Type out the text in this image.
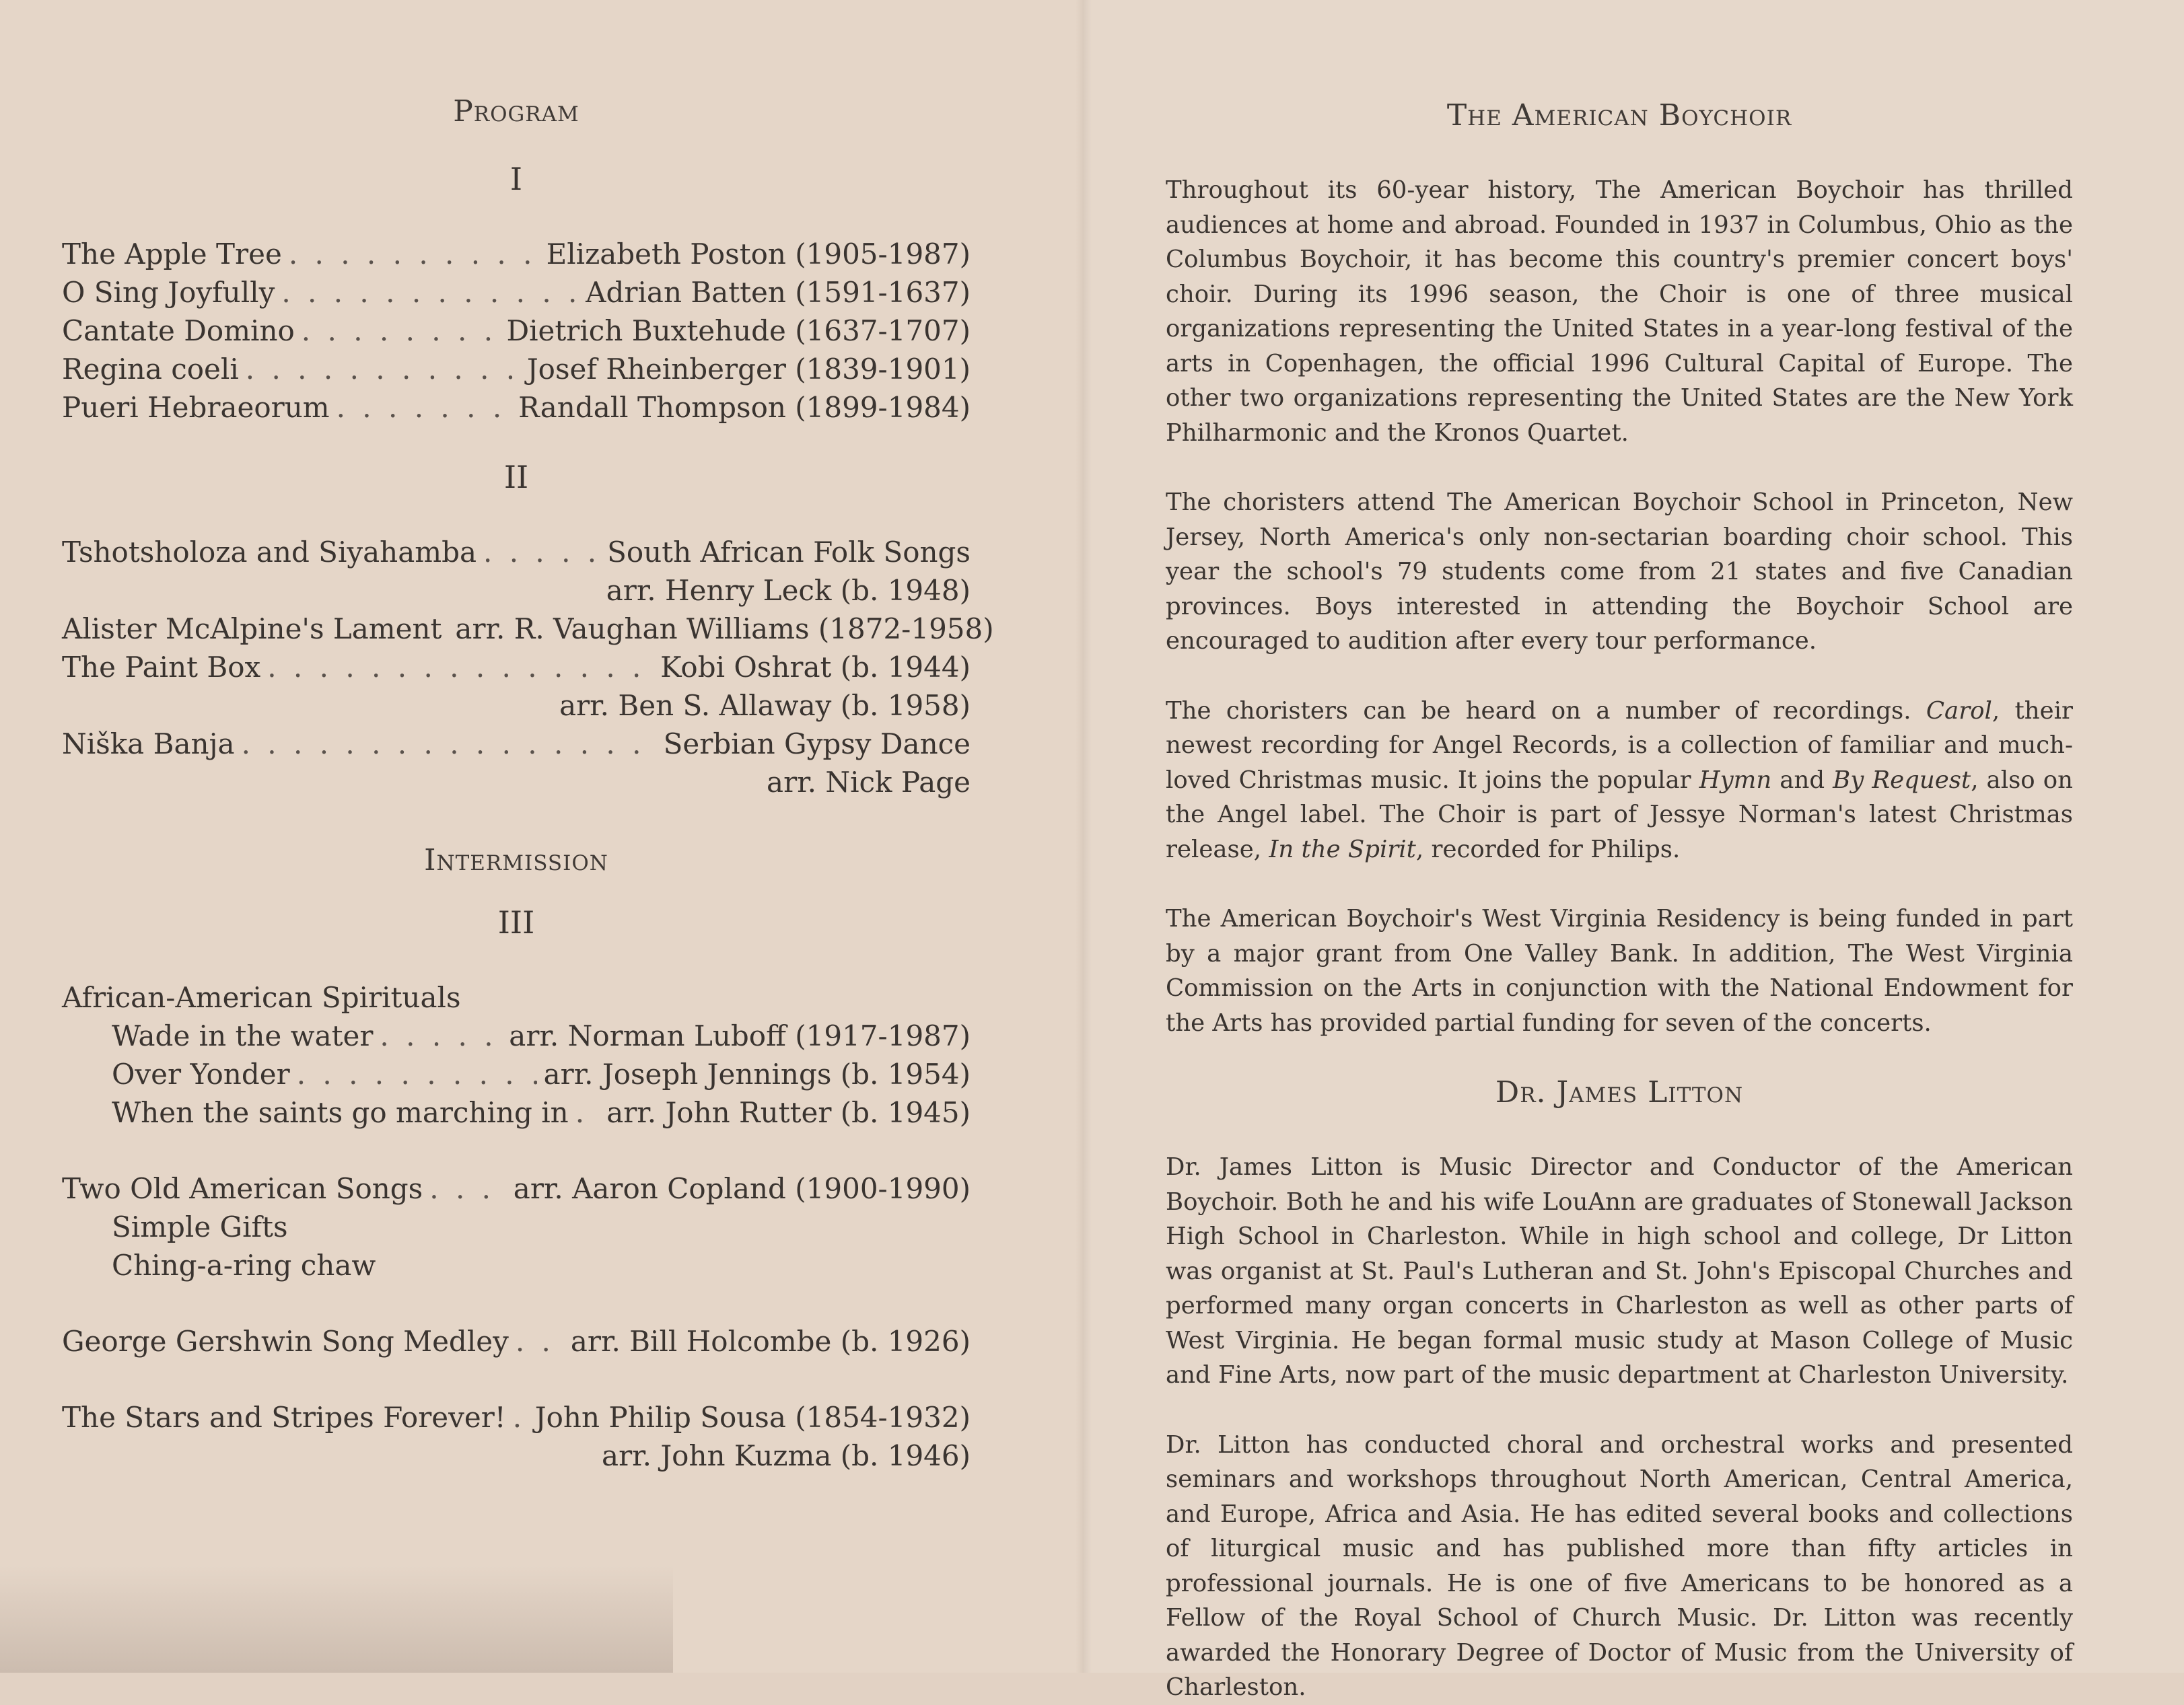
Program
I
The Apple Tree . . .	Elizabeth Poston (1905-1987)
O Sing Joyfully . . .	Adrian Batten (1591-1637)
Cantate Domino . . .	Dietrich Buxtehude (1637-1707)
Regina coeli . . .	Josef Rheinberger (1839-1901)
Pueri Hebraeorum . . .	Randall Thompson (1899-1984)
II
Tshotsholoza and Siyahamba . . .	South African Folk Songs
arr. Henry Leck (b. 1948)
Alister McAlpine's Lament arr. R. Vaughan Williams (1872-1958)
The Paint Box . . .	Kobi Oshrat (b. 1944)
arr. Ben S. Allaway (b. 1958)
Niška Banja . . .	Serbian Gypsy Dance
arr. Nick Page
Intermission
III
African-American Spirituals
Wade in the water . . .	arr. Norman Luboff (1917-1987)
Over Yonder . . .	arr. Joseph Jennings (b. 1954)
When the saints go marching in . . . arr. John Rutter (b. 1945)
Two Old American Songs . . .	arr. Aaron Copland (1900-1990)
Simple Gifts
Ching-a-ring chaw
George Gershwin Song Medley . . . arr. Bill Holcombe (b. 1926)
The Stars and Stripes Forever! . . . John Philip Sousa (1854-1932)
arr. John Kuzma (b. 1946)
The American Boychoir

Throughout its 60-year history, The American Boychoir has thrilled audiences at home and abroad. Founded in 1937 in Columbus, Ohio as the Columbus Boychoir, it has become this country's premier concert boys' choir. During its 1996 season, the Choir is one of three musical organizations representing the United States in a year-long festival of the arts in Copenhagen, the official 1996 Cultural Capital of Europe. The other two organizations representing the United States are the New York Philharmonic and the Kronos Quartet.

The choristers attend The American Boychoir School in Princeton, New Jersey, North America's only non-sectarian boarding choir school. This year the school's 79 students come from 21 states and five Canadian provinces. Boys interested in attending the Boychoir School are encouraged to audition after every tour performance.

The choristers can be heard on a number of recordings. Carol, their newest recording for Angel Records, is a collection of familiar and much-loved Christmas music. It joins the popular Hymn and By Request, also on the Angel label. The Choir is part of Jessye Norman's latest Christmas release, In the Spirit, recorded for Philips.

The American Boychoir's West Virginia Residency is being funded in part by a major grant from One Valley Bank. In addition, The West Virginia Commission on the Arts in conjunction with the National Endowment for the Arts has provided partial funding for seven of the concerts.

Dr. James Litton

Dr. James Litton is Music Director and Conductor of the American Boychoir. Both he and his wife LouAnn are graduates of Stonewall Jackson High School in Charleston. While in high school and college, Dr Litton was organist at St. Paul's Lutheran and St. John's Episcopal Churches and performed many organ concerts in Charleston as well as other parts of West Virginia. He began formal music study at Mason College of Music and Fine Arts, now part of the music department at Charleston University.

Dr. Litton has conducted choral and orchestral works and presented seminars and workshops throughout North American, Central America, and Europe, Africa and Asia. He has edited several books and collections of liturgical music and has published more than fifty articles in professional journals. He is one of five Americans to be honored as a Fellow of the Royal School of Church Music. Dr. Litton was recently awarded the Honorary Degree of Doctor of Music from the University of Charleston.
